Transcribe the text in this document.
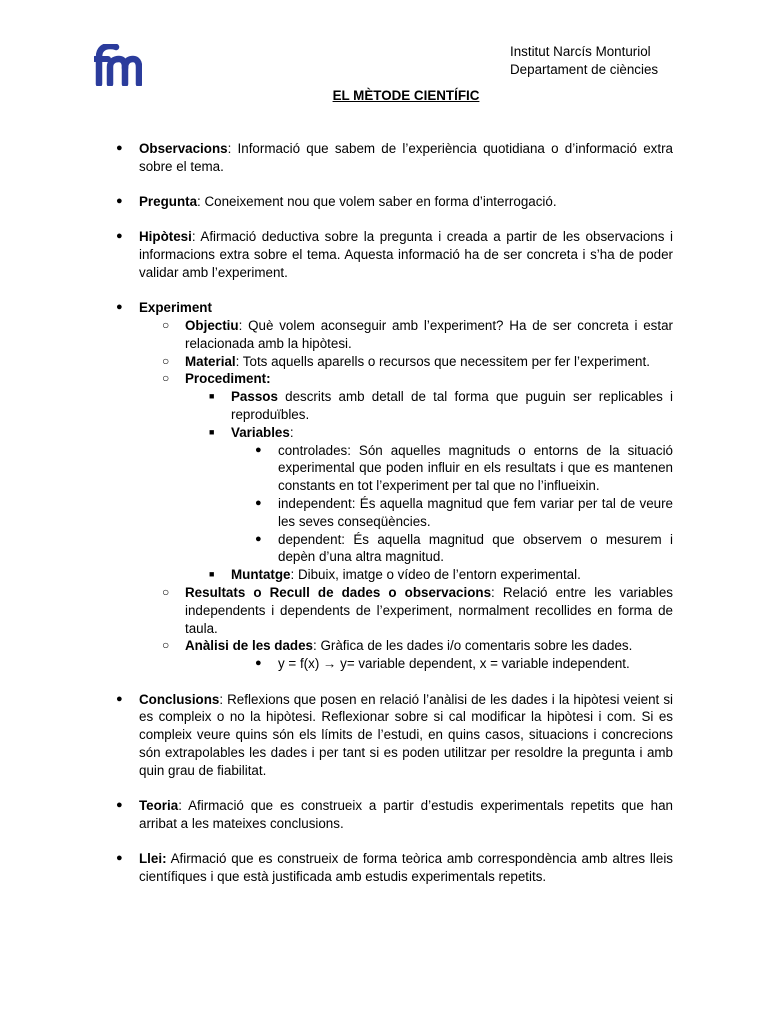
Institut Narcís Monturiol
Departament de ciències
EL MÈTODE CIENTÍFIC
● Observacions: Informació que sabem de l’experiència quotidiana o d’informació extra sobre el tema.
● Pregunta: Coneixement nou que volem saber en forma d’interrogació.
● Hipòtesi: Afirmació deductiva sobre la pregunta i creada a partir de les observacions i informacions extra sobre el tema. Aquesta informació ha de ser concreta i s’ha de poder validar amb l’experiment.
● Experiment
○ Objectiu: Què volem aconseguir amb l’experiment? Ha de ser concreta i estar relacionada amb la hipòtesi.
○ Material: Tots aquells aparells o recursos que necessitem per fer l’experiment.
○ Procediment:
■ Passos descrits amb detall de tal forma que puguin ser replicables i reproduïbles.
■ Variables:
● controlades: Són aquelles magnituds o entorns de la situació experimental que poden influir en els resultats i que es mantenen constants en tot l’experiment per tal que no l’influeixin.
● independent: És aquella magnitud que fem variar per tal de veure les seves conseqüències.
● dependent: És aquella magnitud que observem o mesurem i depèn d’una altra magnitud.
■ Muntatge: Dibuix, imatge o vídeo de l’entorn experimental.
○ Resultats o Recull de dades o observacions: Relació entre les variables independents i dependents de l’experiment, normalment recollides en forma de taula.
○ Anàlisi de les dades: Gràfica de les dades i/o comentaris sobre les dades.
● y = f(x) → y= variable dependent, x = variable independent.
● Conclusions: Reflexions que posen en relació l’anàlisi de les dades i la hipòtesi veient si es compleix o no la hipòtesi. Reflexionar sobre si cal modificar la hipòtesi i com. Si es compleix veure quins són els límits de l’estudi, en quins casos, situacions i concrecions són extrapolables les dades i per tant si es poden utilitzar per resoldre la pregunta i amb quin grau de fiabilitat.
● Teoria: Afirmació que es construeix a partir d’estudis experimentals repetits que han arribat a les mateixes conclusions.
● Llei: Afirmació que es construeix de forma teòrica amb correspondència amb altres lleis científiques i que està justificada amb estudis experimentals repetits.
